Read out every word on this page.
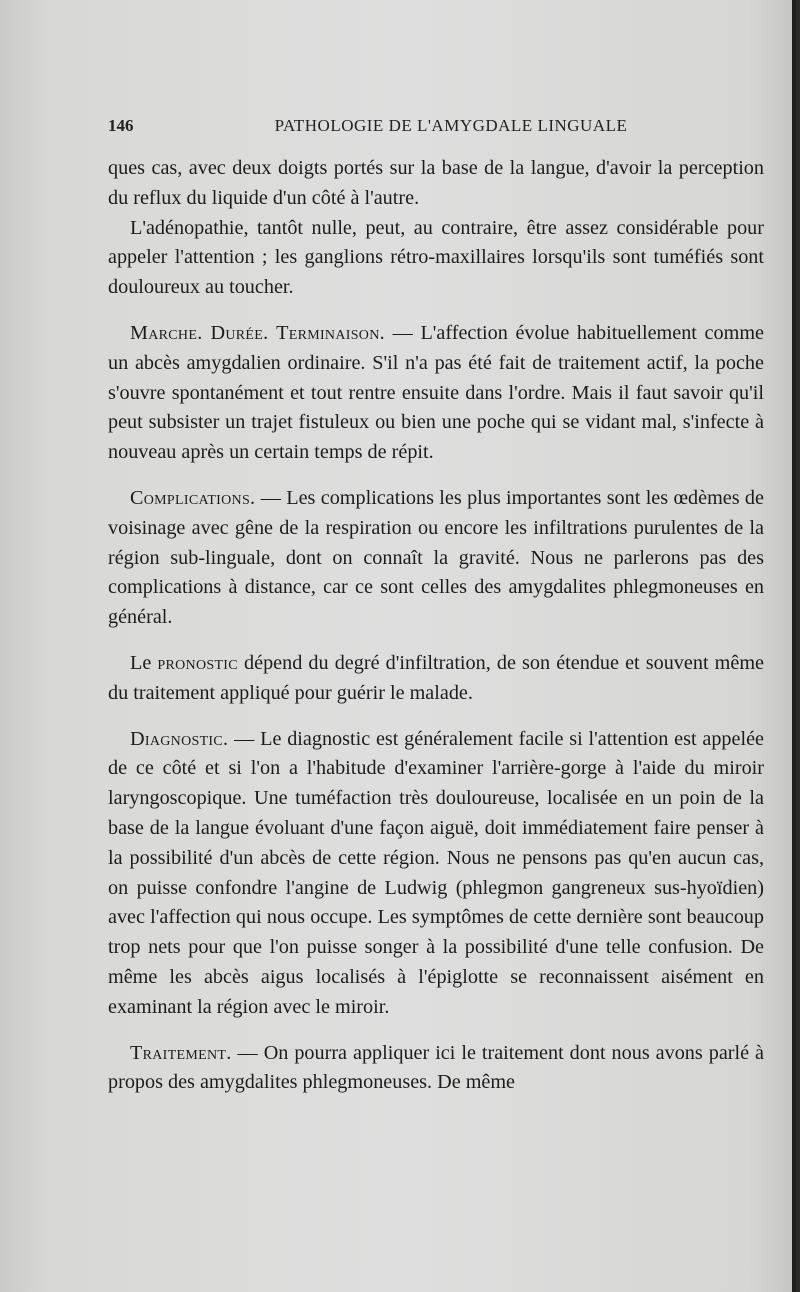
146	PATHOLOGIE DE L'AMYGDALE LINGUALE

ques cas, avec deux doigts portés sur la base de la langue, d'avoir la perception du reflux du liquide d'un côté à l'autre.

L'adénopathie, tantôt nulle, peut, au contraire, être assez considérable pour appeler l'attention ; les ganglions rétro-maxillaires lorsqu'ils sont tuméfiés sont douloureux au toucher.

Marche. Durée. Terminaison. — L'affection évolue habituellement comme un abcès amygdalien ordinaire. S'il n'a pas été fait de traitement actif, la poche s'ouvre spontanément et tout rentre ensuite dans l'ordre. Mais il faut savoir qu'il peut subsister un trajet fistuleux ou bien une poche qui se vidant mal, s'infecte à nouveau après un certain temps de répit.

Complications. — Les complications les plus importantes sont les œdèmes de voisinage avec gêne de la respiration ou encore les infiltrations purulentes de la région sub-linguale, dont on connaît la gravité. Nous ne parlerons pas des complications à distance, car ce sont celles des amygdalites phlegmoneuses en général.

Le pronostic dépend du degré d'infiltration, de son étendue et souvent même du traitement appliqué pour guérir le malade.

Diagnostic. — Le diagnostic est généralement facile si l'attention est appelée de ce côté et si l'on a l'habitude d'examiner l'arrière-gorge à l'aide du miroir laryngoscopique. Une tuméfaction très douloureuse, localisée en un poin de la base de la langue évoluant d'une façon aiguë, doit immédiatement faire penser à la possibilité d'un abcès de cette région. Nous ne pensons pas qu'en aucun cas, on puisse confondre l'angine de Ludwig (phlegmon gangreneux sus-hyoïdien) avec l'affection qui nous occupe. Les symptômes de cette dernière sont beaucoup trop nets pour que l'on puisse songer à la possibilité d'une telle confusion. De même les abcès aigus localisés à l'épiglotte se reconnaissent aisément en examinant la région avec le miroir.

Traitement. — On pourra appliquer ici le traitement dont nous avons parlé à propos des amygdalites phlegmoneuses. De même
